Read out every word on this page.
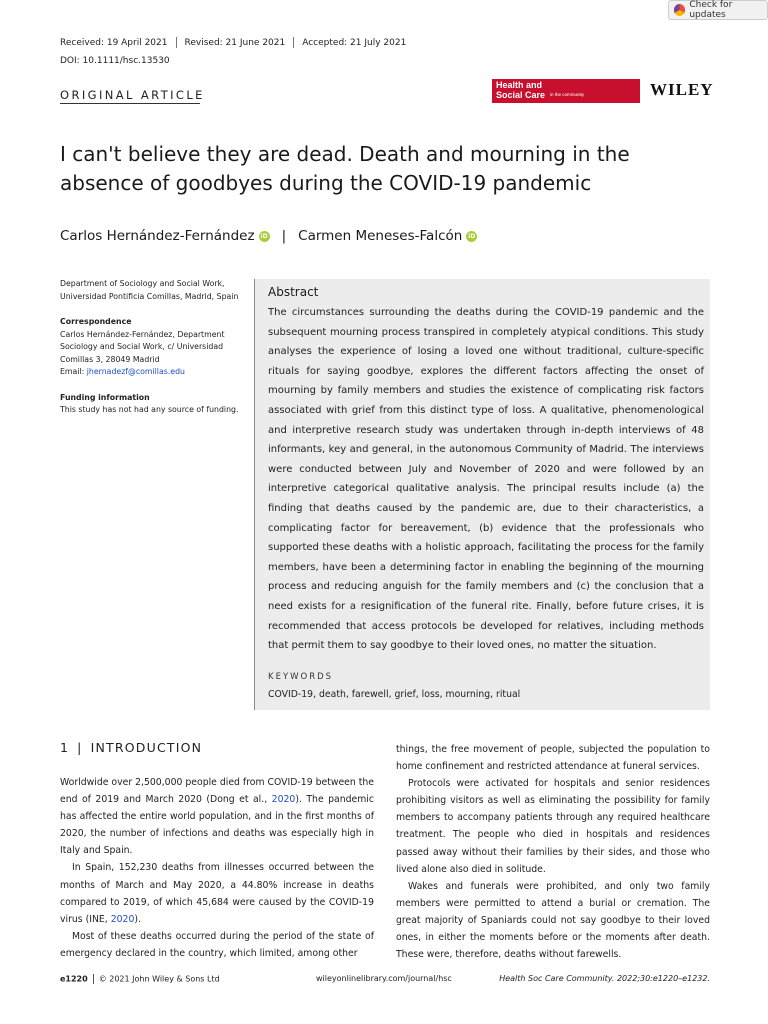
Check for updates
Received: 19 April 2021 Revised: 21 June 2021 Accepted: 21 July 2021
DOI: 10.1111/hsc.13530
ORIGINAL ARTICLE
Health and
Social Care in the community	WILEY
I can't believe they are dead. Death and mourning in the absence of goodbyes during the COVID-19 pandemic
Carlos Hernández-Fernández iD | Carmen Meneses-Falcón iD
Department of Sociology and Social Work, Universidad Pontificia Comillas, Madrid, Spain
Correspondence
Carlos Hernández-Fernández, Department Sociology and Social Work, c/ Universidad Comillas 3, 28049 Madrid
Email: jhernadezf@comillas.edu
Funding information
This study has not had any source of funding.
Abstract
The circumstances surrounding the deaths during the COVID-19 pandemic and the subsequent mourning process transpired in completely atypical conditions. This study analyses the experience of losing a loved one without traditional, culture-specific rituals for saying goodbye, explores the different factors affecting the onset of mourning by family members and studies the existence of complicating risk factors associated with grief from this distinct type of loss. A qualitative, phenomenological and interpretive research study was undertaken through in-depth interviews of 48 informants, key and general, in the autonomous Community of Madrid. The interviews were conducted between July and November of 2020 and were followed by an interpretive categorical qualitative analysis. The principal results include (a) the finding that deaths caused by the pandemic are, due to their characteristics, a complicating factor for bereavement, (b) evidence that the professionals who supported these deaths with a holistic approach, facilitating the process for the family members, have been a determining factor in enabling the beginning of the mourning process and reducing anguish for the family members and (c) the conclusion that a need exists for a resignification of the funeral rite. Finally, before future crises, it is recommended that access protocols be developed for relatives, including methods that permit them to say goodbye to their loved ones, no matter the situation.
KEYWORDS
COVID-19, death, farewell, grief, loss, mourning, ritual
1 | INTRODUCTION

Worldwide over 2,500,000 people died from COVID-19 between the end of 2019 and March 2020 (Dong et al., 2020). The pandemic has affected the entire world population, and in the first months of 2020, the number of infections and deaths was especially high in Italy and Spain.

In Spain, 152,230 deaths from illnesses occurred between the months of March and May 2020, a 44.80% increase in deaths compared to 2019, of which 45,684 were caused by the COVID-19 virus (INE, 2020).

Most of these deaths occurred during the period of the state of emergency declared in the country, which limited, among other

things, the free movement of people, subjected the population to home confinement and restricted attendance at funeral services.

Protocols were activated for hospitals and senior residences prohibiting visitors as well as eliminating the possibility for family members to accompany patients through any required healthcare treatment. The people who died in hospitals and residences passed away without their families by their sides, and those who lived alone also died in solitude.

Wakes and funerals were prohibited, and only two family members were permitted to attend a burial or cremation. The great majority of Spaniards could not say goodbye to their loved ones, in either the moments before or the moments after death. These were, therefore, deaths without farewells.

e1220 © 2021 John Wiley & Sons Ltd	wileyonlinelibrary.com/journal/hsc	Health Soc Care Community. 2022;30:e1220–e1232.
